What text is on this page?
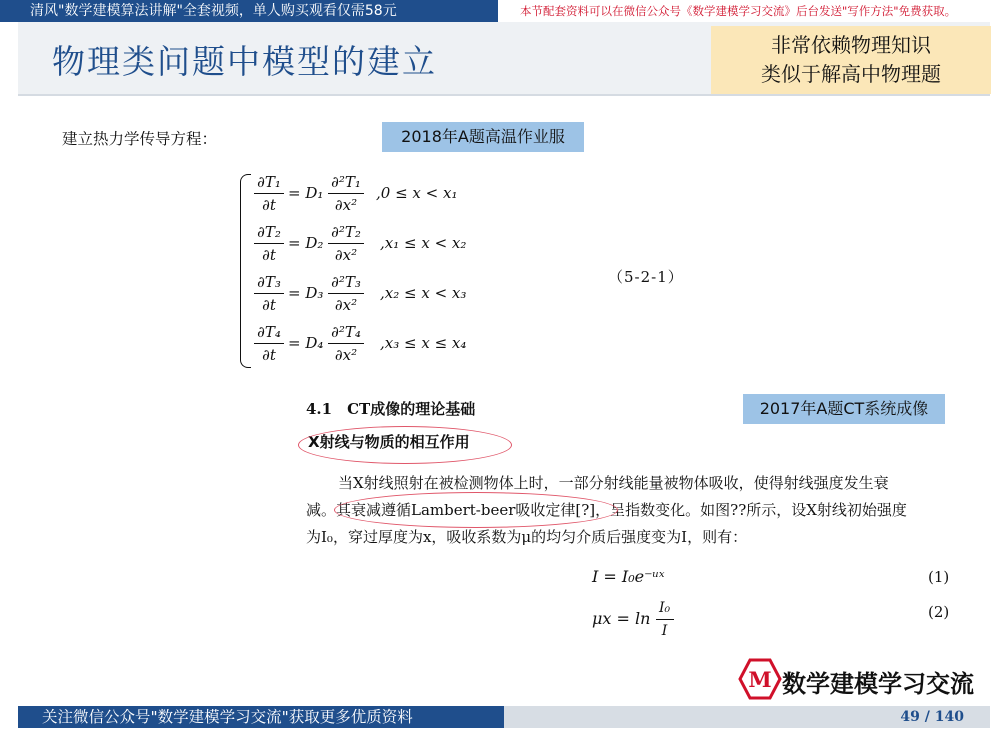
清风"数学建模算法讲解"全套视频，单人购买观看仅需58元	本节配套资料可以在微信公众号《数学建模学习交流》后台发送"写作方法"免费获取。
物理类问题中模型的建立	非常依赖物理知识
类似于解高中物理题
建立热力学传导方程：	2018年A题高温作业服
∂T₁
∂t
= D₁
∂²T₁
∂x²
,0 ≤ x < x₁
∂T₂
∂t
= D₂
∂²T₂
∂x²
,x₁ ≤ x < x₂
∂T₃
∂t
= D₃
∂²T₃
∂x²
,x₂ ≤ x < x₃
∂T₄
∂t
= D₄
∂²T₄
∂x²
,x₃ ≤ x ≤ x₄
（5-2-1）
4.1　CT成像的理论基础	2017年A题CT系统成像
X射线与物质的相互作用
当X射线照射在被检测物体上时，一部分射线能量被物体吸收，使得射线强度发生衰
减。其衰减遵循Lambert-beer吸收定律[?]，呈指数变化。如图??所示，设X射线初始强度
为I₀，穿过厚度为x，吸收系数为μ的均匀介质后强度变为I，则有：
I = I₀e⁻ᵘˣ	(1)
$\mu x = \ln \frac{\text{I₀}}{I}$	(2)
M 数学建模学习交流
关注微信公众号"数学建模学习交流"获取更多优质资料	49 / 140
